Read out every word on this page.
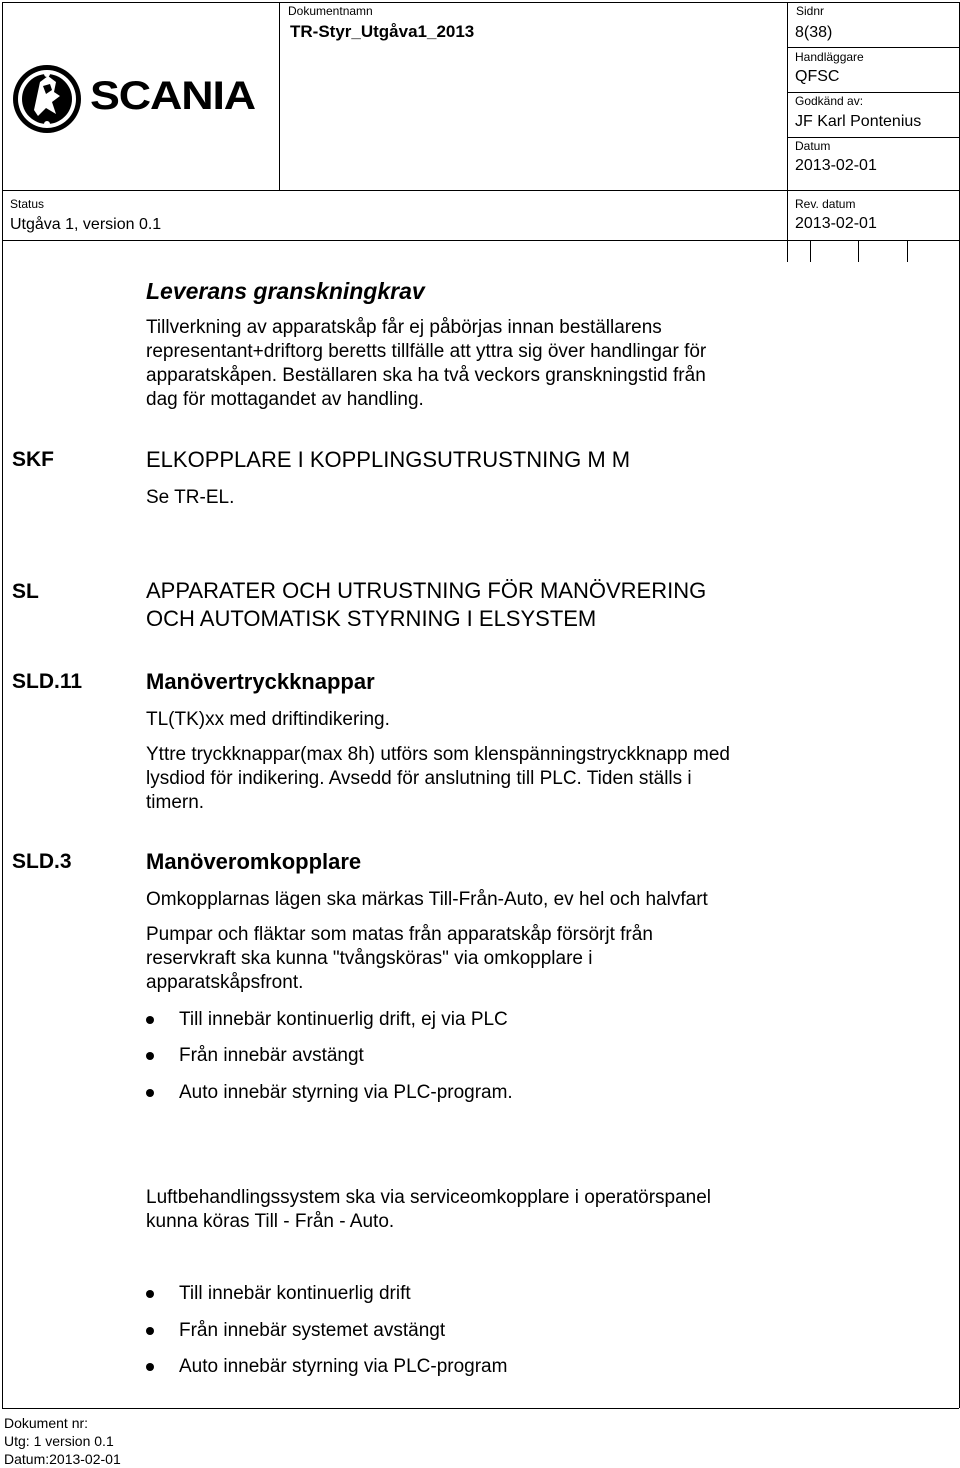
SCANIA
Dokumentnamn
TR-Styr_Utgåva1_2013
Sidnr
8(38)
Handläggare
QFSC
Godkänd av:
JF Karl Pontenius
Datum
2013-02-01
Status
Utgåva 1, version 0.1
Rev. datum
2013-02-01
Leverans granskningkrav
Tillverkning av apparatskåp får ej påbörjas innan beställarens
representant+driftorg beretts tillfälle att yttra sig över handlingar för
apparatskåpen. Beställaren ska ha två veckors granskningstid från
dag för mottagandet av handling.
SKF	ELKOPPLARE I KOPPLINGSUTRUSTNING M M
Se TR-EL.
SL	APPARATER OCH UTRUSTNING FÖR MANÖVRERING
OCH AUTOMATISK STYRNING I ELSYSTEM
SLD.11	Manövertryckknappar
TL(TK)xx med driftindikering.
Yttre tryckknappar(max 8h) utförs som klenspänningstryckknapp med
lysdiod för indikering. Avsedd för anslutning till PLC. Tiden ställs i
timern.
SLD.3	Manöveromkopplare
Omkopplarnas lägen ska märkas Till-Från-Auto, ev hel och halvfart
Pumpar och fläktar som matas från apparatskåp försörjt från
reservkraft ska kunna "tvångsköras" via omkopplare i
apparatskåpsfront.
Till innebär kontinuerlig drift, ej via PLC
Från innebär avstängt
Auto innebär styrning via PLC-program.
Luftbehandlingssystem ska via serviceomkopplare i operatörspanel
kunna köras Till - Från - Auto.
Till innebär kontinuerlig drift
Från innebär systemet avstängt
Auto innebär styrning via PLC-program
Dokument nr:
Utg: 1 version 0.1
Datum:2013-02-01
